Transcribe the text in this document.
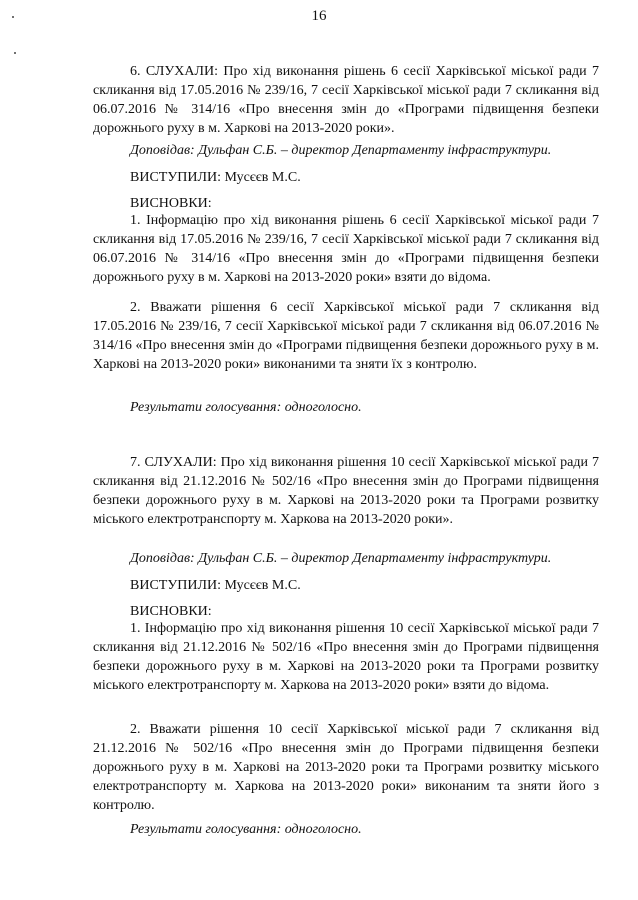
16

6. СЛУХАЛИ: Про хід виконання рішень 6 сесії Харківської міської ради 7 скликання від 17.05.2016 № 239/16, 7 сесії Харківської міської ради 7 скликання від 06.07.2016 № 314/16 «Про внесення змін до «Програми підвищення безпеки дорожнього руху в м. Харкові на 2013-2020 роки».

Доповідав: Дульфан С.Б. – директор Департаменту інфраструктури.

ВИСТУПИЛИ: Мусєєв М.С.

ВИСНОВКИ:

1. Інформацію про хід виконання рішень 6 сесії Харківської міської ради 7 скликання від 17.05.2016 № 239/16, 7 сесії Харківської міської ради 7 скликання від 06.07.2016 № 314/16 «Про внесення змін до «Програми підвищення безпеки дорожнього руху в м. Харкові на 2013-2020 роки» взяти до відома.

2. Вважати рішення 6 сесії Харківської міської ради 7 скликання від 17.05.2016 № 239/16, 7 сесії Харківської міської ради 7 скликання від 06.07.2016 № 314/16 «Про внесення змін до «Програми підвищення безпеки дорожнього руху в м. Харкові на 2013-2020 роки» виконаними та зняти їх з контролю.

Результати голосування: одноголосно.

7. СЛУХАЛИ: Про хід виконання рішення 10 сесії Харківської міської ради 7 скликання від 21.12.2016 № 502/16 «Про внесення змін до Програми підвищення безпеки дорожнього руху в м. Харкові на 2013-2020 роки та Програми розвитку міського електротранспорту м. Харкова на 2013-2020 роки».

Доповідав: Дульфан С.Б. – директор Департаменту інфраструктури.

ВИСТУПИЛИ: Мусєєв М.С.

ВИСНОВКИ:

1. Інформацію про хід виконання рішення 10 сесії Харківської міської ради 7 скликання від 21.12.2016 № 502/16 «Про внесення змін до Програми підвищення безпеки дорожнього руху в м. Харкові на 2013-2020 роки та Програми розвитку міського електротранспорту м. Харкова на 2013-2020 роки» взяти до відома.

2. Вважати рішення 10 сесії Харківської міської ради 7 скликання від 21.12.2016 № 502/16 «Про внесення змін до Програми підвищення безпеки дорожнього руху в м. Харкові на 2013-2020 роки та Програми розвитку міського електротранспорту м. Харкова на 2013-2020 роки» виконаним та зняти його з контролю.

Результати голосування: одноголосно.
